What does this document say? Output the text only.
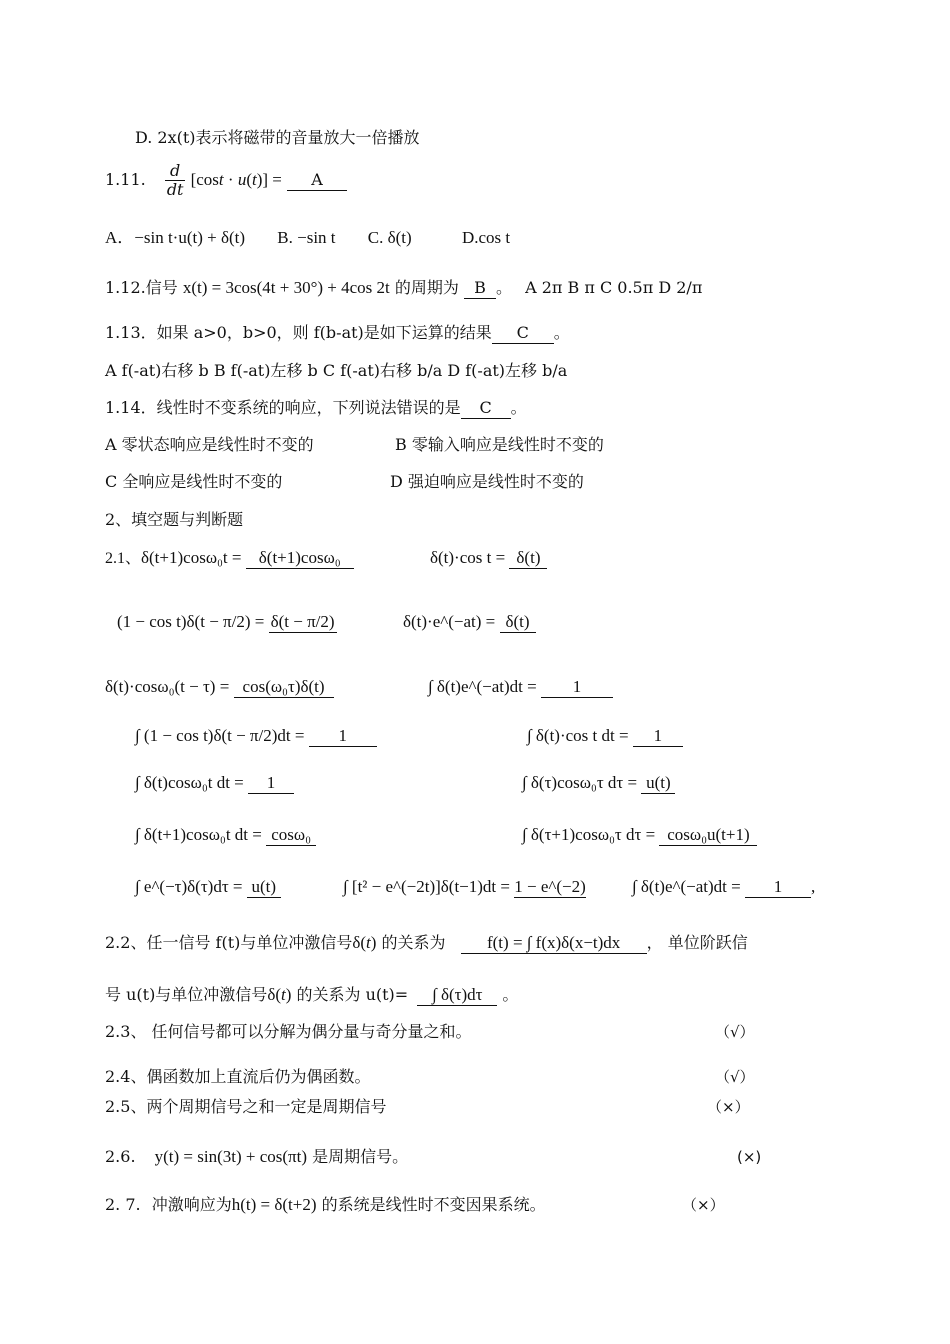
D. 2x(t)表示将磁带的音量放大一倍播放
1.11. $\frac{d}{dt} [\cos t \cdot u(t)] = A$
A．−sin t·u(t) + δ(t) B. −sin t C. δ(t)	D.cos t
1.12.信号 x(t) = 3cos(4t + 30°) + 4cos 2t 的周期为 B 。 A 2π B π C 0.5π D 2/π
1.13．如果 a>0，b>0，则 f(b-at)是如下运算的结果 C 。
A f(-at)右移 b B f(-at)左移 b C f(-at)右移 b/a D f(-at)左移 b/a
1.14．线性时不变系统的响应，下列说法错误的是 C 。
A 零状态响应是线性时不变的	B 零输入响应是线性时不变的
C 全响应是线性时不变的	D 强迫响应是线性时不变的
2、填空题与判断题
2.1、δ(t+1)cosω₀t = δ(t+1)cosω₀	δ(t)·cos t = δ(t)
(1 − cos t)δ(t − π/2) = δ(t − π/2)	δ(t)·e^(−at) = δ(t)
δ(t)·cosω₀(t − τ) = cos(ω₀τ)δ(t)	∫ δ(t)e^(−at)dt = 1
∫ (1 − cos t)δ(t − π/2)dt = 1	∫ δ(t)·cos t dt = 1
∫ δ(t)cosω₀t dt = 1	∫ δ(τ)cosω₀τ dτ = u(t)
∫ δ(t+1)cosω₀t dt = cosω₀	∫ δ(τ+1)cosω₀τ dτ = cosω₀u(t+1)
∫ e^(−τ)δ(τ)dτ = u(t)	∫ [t² − e^(−2t)]δ(t−1)dt = 1 − e^(−2)	∫ δ(t)e^(−at)dt = 1 ,
2.2、任一信号 f(t)与单位冲激信号δ(t) 的关系为 f(t) = ∫ f(x)δ(x−t)dx ， 单位阶跃信
号 u(t)与单位冲激信号δ(t) 的关系为 u(t)= ∫ δ(τ)dτ 。
2.3、 任何信号都可以分解为偶分量与奇分量之和。	（√）
2.4、偶函数加上直流后仍为偶函数。	（√）
2.5、两个周期信号之和一定是周期信号	（×）
2.6. y(t) = sin(3t) + cos(πt) 是周期信号。	(×)
2. 7. 冲激响应为h(t) = δ(t+2) 的系统是线性时不变因果系统。	（×）
